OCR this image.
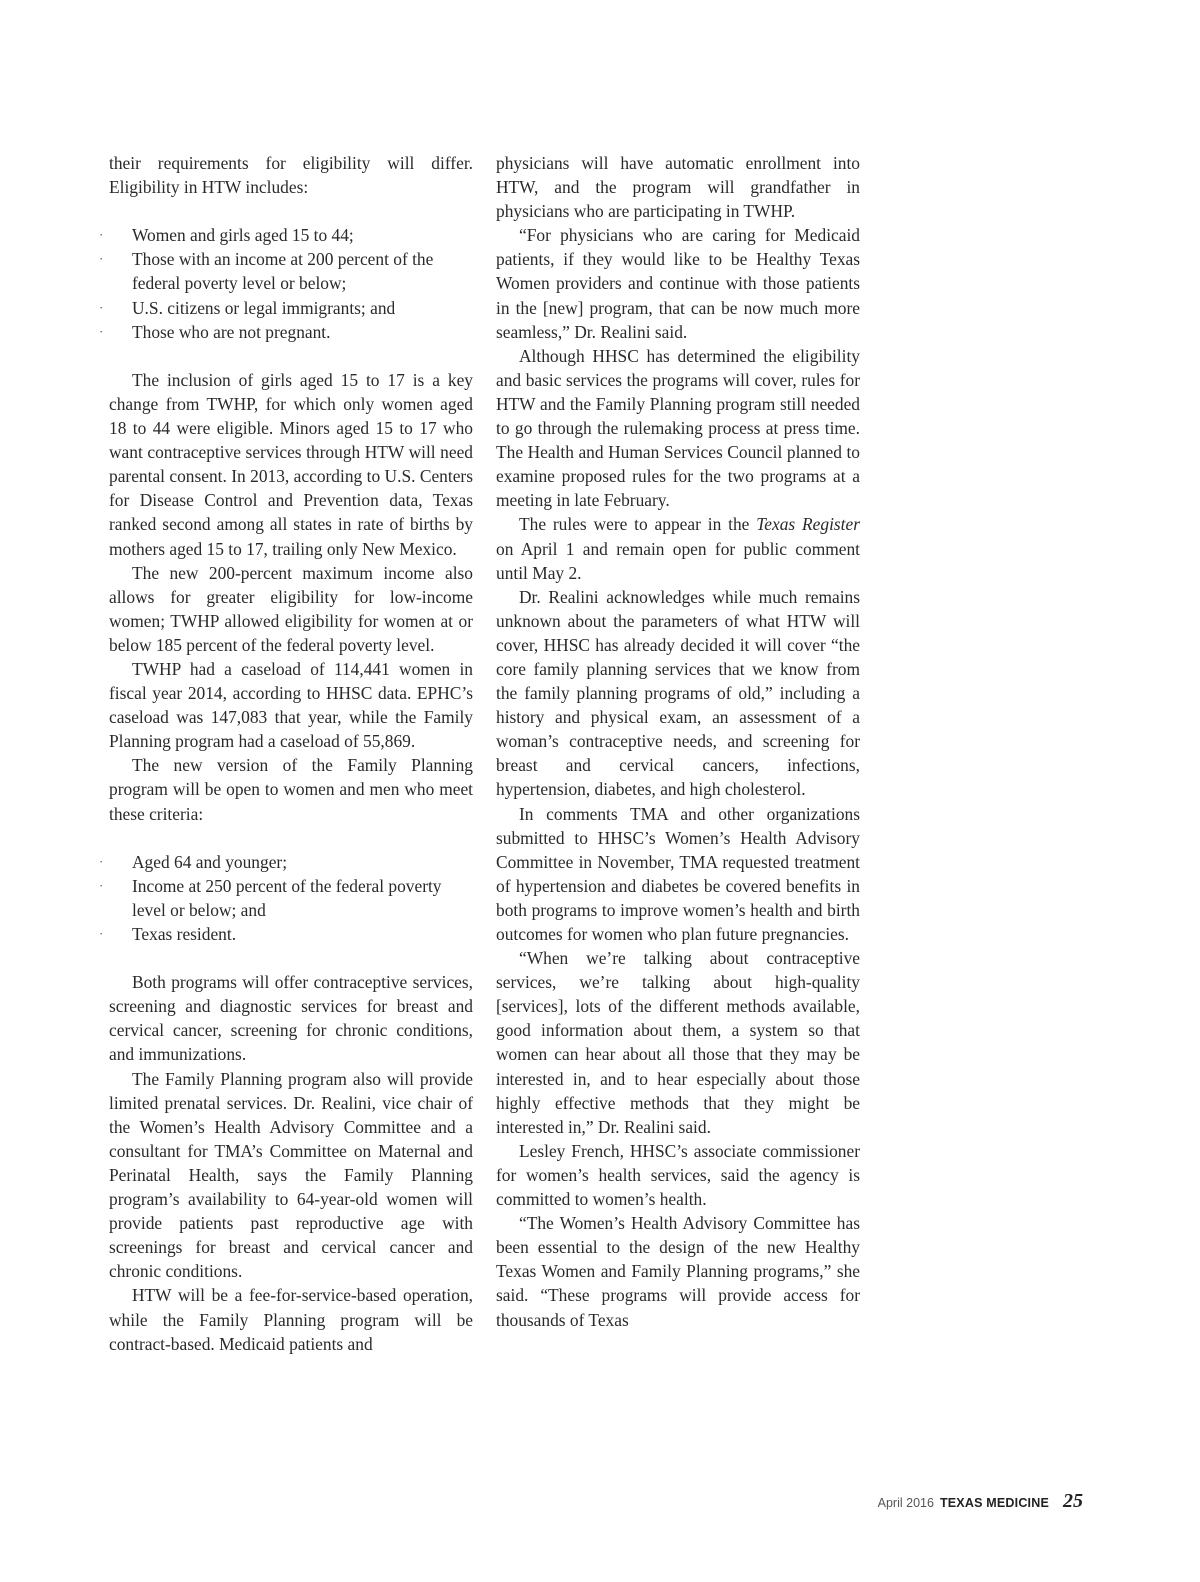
their requirements for eligibility will differ. Eligibility in HTW includes:

· Women and girls aged 15 to 44;
· Those with an income at 200 percent of the federal poverty level or below;
· U.S. citizens or legal immigrants; and
· Those who are not pregnant.

The inclusion of girls aged 15 to 17 is a key change from TWHP, for which only women aged 18 to 44 were eligible. Minors aged 15 to 17 who want contraceptive services through HTW will need parental consent. In 2013, according to U.S. Centers for Disease Control and Prevention data, Texas ranked second among all states in rate of births by mothers aged 15 to 17, trailing only New Mexico.

The new 200-percent maximum income also allows for greater eligibility for low-income women; TWHP allowed eligibility for women at or below 185 percent of the federal poverty level.

TWHP had a caseload of 114,441 women in fiscal year 2014, according to HHSC data. EPHC’s caseload was 147,083 that year, while the Family Planning program had a caseload of 55,869.

The new version of the Family Planning program will be open to women and men who meet these criteria:

· Aged 64 and younger;
· Income at 250 percent of the federal poverty level or below; and
· Texas resident.

Both programs will offer contraceptive services, screening and diagnostic services for breast and cervical cancer, screening for chronic conditions, and immunizations.

The Family Planning program also will provide limited prenatal services. Dr. Realini, vice chair of the Women’s Health Advisory Committee and a consultant for TMA’s Committee on Maternal and Perinatal Health, says the Family Planning program’s availability to 64-year-old women will provide patients past reproductive age with screenings for breast and cervical cancer and chronic conditions.

HTW will be a fee-for-service-based operation, while the Family Planning program will be contract-based. Medicaid patients and

physicians will have automatic enrollment into HTW, and the program will grandfather in physicians who are participating in TWHP.

“For physicians who are caring for Medicaid patients, if they would like to be Healthy Texas Women providers and continue with those patients in the [new] program, that can be now much more seamless,” Dr. Realini said.

Although HHSC has determined the eligibility and basic services the programs will cover, rules for HTW and the Family Planning program still needed to go through the rulemaking process at press time. The Health and Human Services Council planned to examine proposed rules for the two programs at a meeting in late February.

The rules were to appear in the Texas Register on April 1 and remain open for public comment until May 2.

Dr. Realini acknowledges while much remains unknown about the parameters of what HTW will cover, HHSC has already decided it will cover “the core family planning services that we know from the family planning programs of old,” including a history and physical exam, an assessment of a woman’s contraceptive needs, and screening for breast and cervical cancers, infections, hypertension, diabetes, and high cholesterol.

In comments TMA and other organizations submitted to HHSC’s Women’s Health Advisory Committee in November, TMA requested treatment of hypertension and diabetes be covered benefits in both programs to improve women’s health and birth outcomes for women who plan future pregnancies.

“When we’re talking about contraceptive services, we’re talking about high-quality [services], lots of the different methods available, good information about them, a system so that women can hear about all those that they may be interested in, and to hear especially about those highly effective methods that they might be interested in,” Dr. Realini said.

Lesley French, HHSC’s associate commissioner for women’s health services, said the agency is committed to women’s health.

“The Women’s Health Advisory Committee has been essential to the design of the new Healthy Texas Women and Family Planning programs,” she said. “These programs will provide access for thousands of Texas

April 2016 TEXAS MEDICINE 25
